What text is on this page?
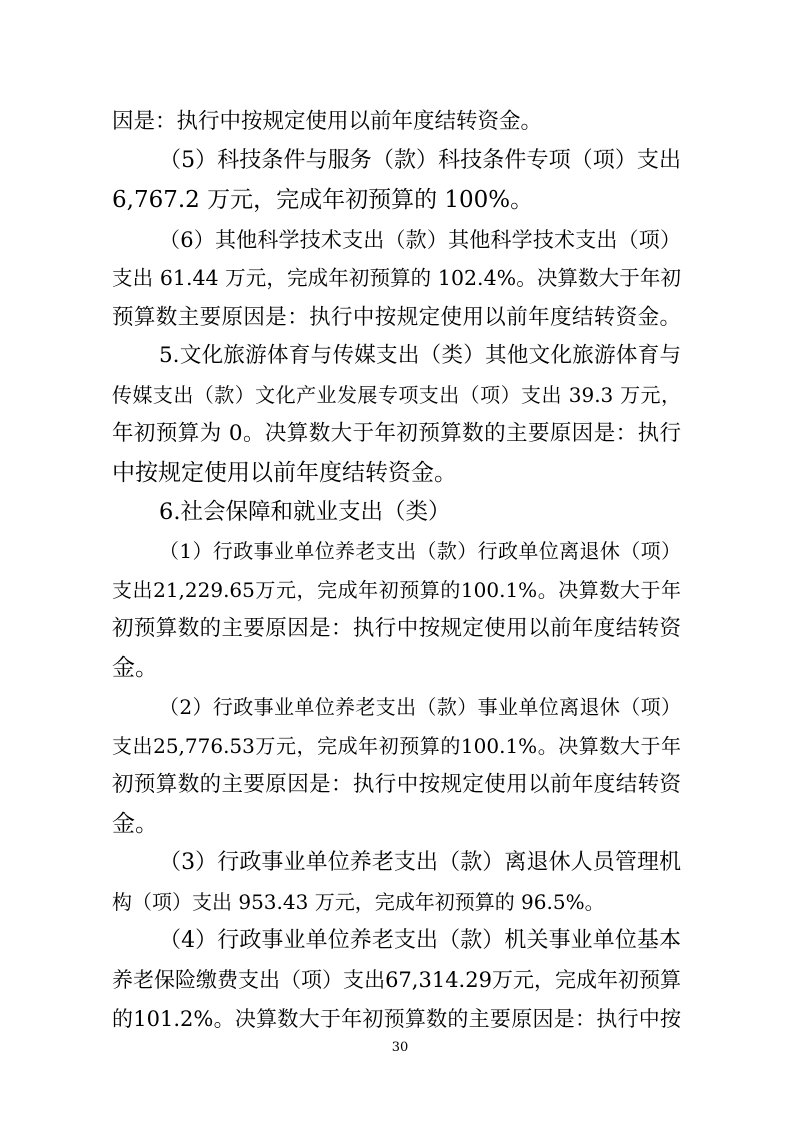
因是：执行中按规定使用以前年度结转资金。
（5）科技条件与服务（款）科技条件专项（项）支出
6,767.2 万元，完成年初预算的 100%。
（6）其他科学技术支出（款）其他科学技术支出（项）
支出 61.44 万元，完成年初预算的 102.4%。决算数大于年初
预算数主要原因是：执行中按规定使用以前年度结转资金。
5.文化旅游体育与传媒支出（类）其他文化旅游体育与
传媒支出（款）文化产业发展专项支出（项）支出 39.3 万元，
年初预算为 0。决算数大于年初预算数的主要原因是：执行
中按规定使用以前年度结转资金。
6.社会保障和就业支出（类）
（1）行政事业单位养老支出（款）行政单位离退休（项）
支出21,229.65万元，完成年初预算的100.1%。决算数大于年
初预算数的主要原因是：执行中按规定使用以前年度结转资
金。
（2）行政事业单位养老支出（款）事业单位离退休（项）
支出25,776.53万元，完成年初预算的100.1%。决算数大于年
初预算数的主要原因是：执行中按规定使用以前年度结转资
金。
（3）行政事业单位养老支出（款）离退休人员管理机
构（项）支出 953.43 万元，完成年初预算的 96.5%。
（4）行政事业单位养老支出（款）机关事业单位基本
养老保险缴费支出（项）支出67,314.29万元，完成年初预算
的101.2%。决算数大于年初预算数的主要原因是：执行中按
30
